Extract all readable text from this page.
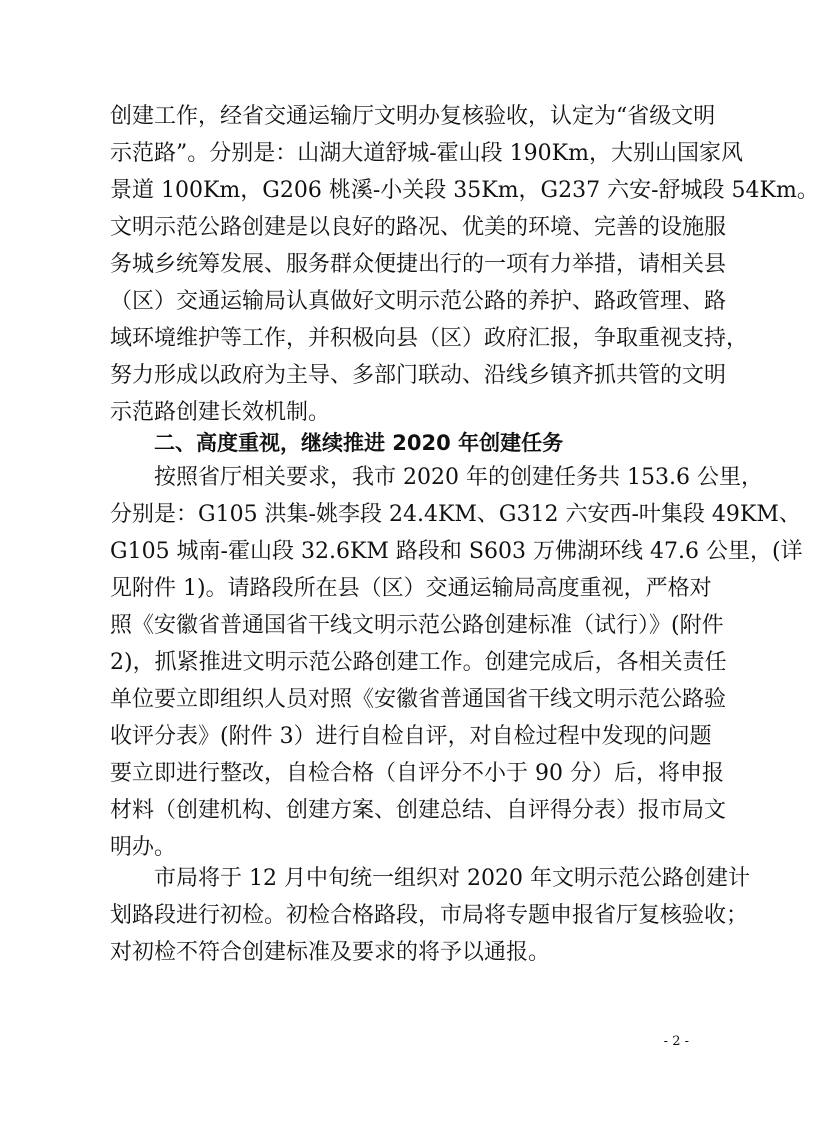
创建工作，经省交通运输厅文明办复核验收，认定为“省级文明
示范路”。分别是：山湖大道舒城-霍山段 190Km，大别山国家风
景道 100Km，G206 桃溪-小关段 35Km，G237 六安-舒城段 54Km。
文明示范公路创建是以良好的路况、优美的环境、完善的设施服
务城乡统筹发展、服务群众便捷出行的一项有力举措，请相关县
（区）交通运输局认真做好文明示范公路的养护、路政管理、路
域环境维护等工作，并积极向县（区）政府汇报，争取重视支持，
努力形成以政府为主导、多部门联动、沿线乡镇齐抓共管的文明
示范路创建长效机制。
二、高度重视，继续推进 2020 年创建任务
按照省厅相关要求，我市 2020 年的创建任务共 153.6 公里，
分别是：G105 洪集-姚李段 24.4KM、G312 六安西-叶集段 49KM、
G105 城南-霍山段 32.6KM 路段和 S603 万佛湖环线 47.6 公里，(详
见附件 1)。请路段所在县（区）交通运输局高度重视，严格对
照《安徽省普通国省干线文明示范公路创建标准（试行）》(附件
2)，抓紧推进文明示范公路创建工作。创建完成后，各相关责任
单位要立即组织人员对照《安徽省普通国省干线文明示范公路验
收评分表》(附件 3）进行自检自评，对自检过程中发现的问题
要立即进行整改，自检合格（自评分不小于 90 分）后，将申报
材料（创建机构、创建方案、创建总结、自评得分表）报市局文
明办。
市局将于 12 月中旬统一组织对 2020 年文明示范公路创建计
划路段进行初检。初检合格路段，市局将专题申报省厅复核验收；
对初检不符合创建标准及要求的将予以通报。
- 2 -
